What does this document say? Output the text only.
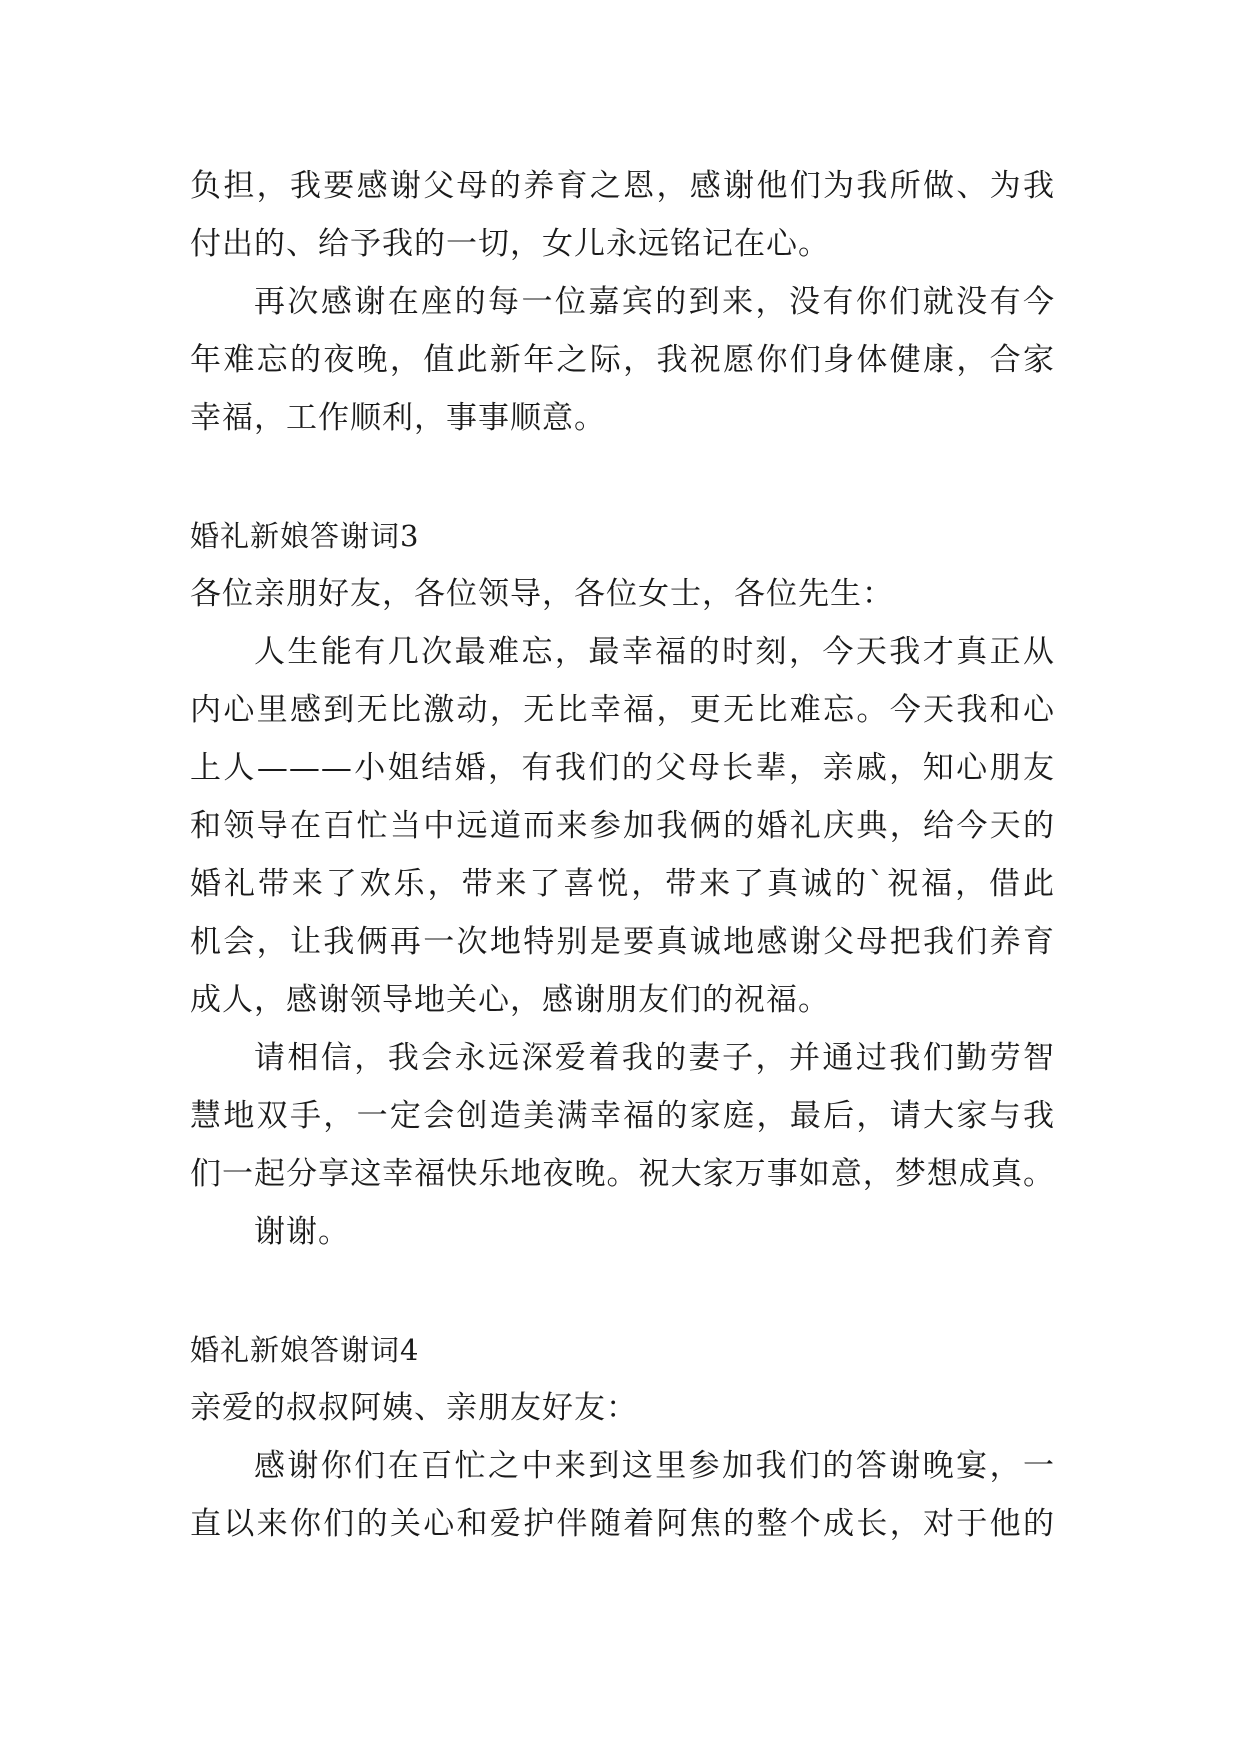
负担，我要感谢父母的养育之恩，感谢他们为我所做、为我
付出的、给予我的一切，女儿永远铭记在心。
再次感谢在座的每一位嘉宾的到来，没有你们就没有今
年难忘的夜晚，值此新年之际，我祝愿你们身体健康，合家
幸福，工作顺利，事事顺意。
婚礼新娘答谢词3
各位亲朋好友，各位领导，各位女士，各位先生：
人生能有几次最难忘，最幸福的时刻，今天我才真正从
内心里感到无比激动，无比幸福，更无比难忘。今天我和心
上人———小姐结婚，有我们的父母长辈，亲戚，知心朋友
和领导在百忙当中远道而来参加我俩的婚礼庆典，给今天的
婚礼带来了欢乐，带来了喜悦，带来了真诚的`祝福，借此
机会，让我俩再一次地特别是要真诚地感谢父母把我们养育
成人，感谢领导地关心，感谢朋友们的祝福。
请相信，我会永远深爱着我的妻子，并通过我们勤劳智
慧地双手，一定会创造美满幸福的家庭，最后，请大家与我
们一起分享这幸福快乐地夜晚。祝大家万事如意，梦想成真。
谢谢。
婚礼新娘答谢词4
亲爱的叔叔阿姨、亲朋友好友：
感谢你们在百忙之中来到这里参加我们的答谢晚宴，一
直以来你们的关心和爱护伴随着阿焦的整个成长，对于他的
